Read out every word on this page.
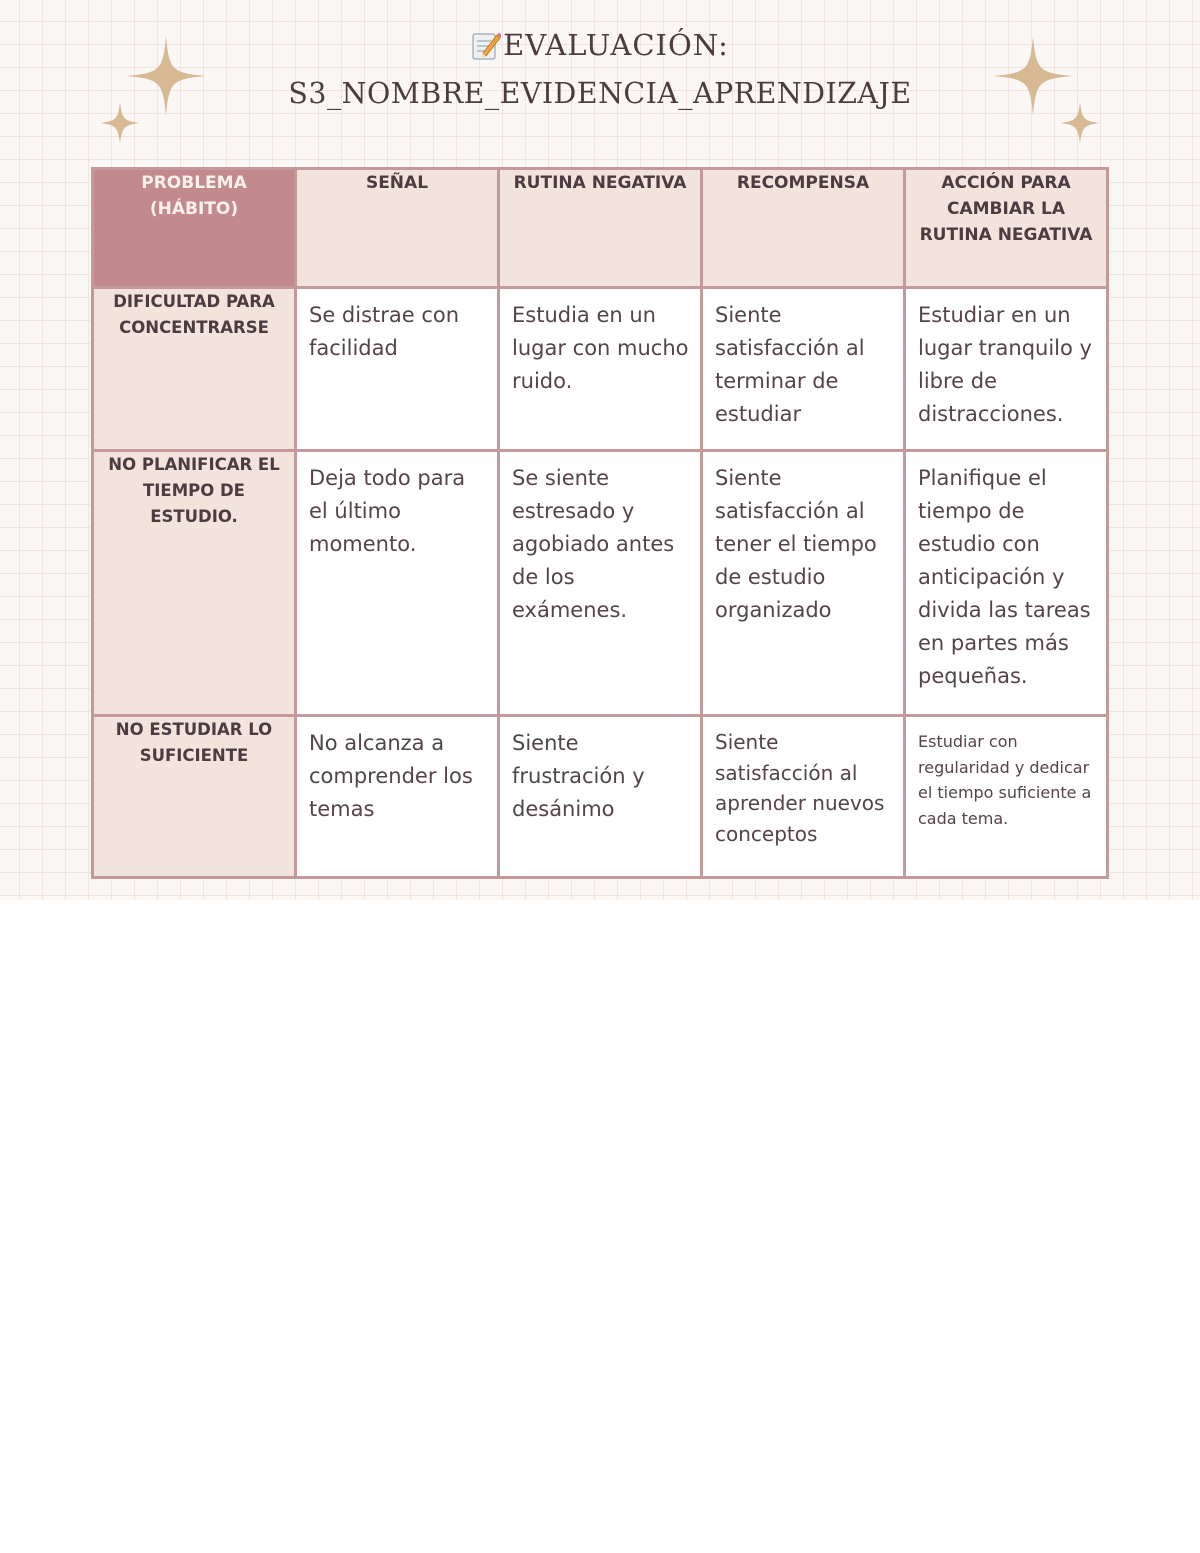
EVALUACIÓN:
S3_NOMBRE_EVIDENCIA_APRENDIZAJE
PROBLEMA (HÁBITO)	SEÑAL	RUTINA NEGATIVA	RECOMPENSA	ACCIÓN PARA CAMBIAR LA RUTINA NEGATIVA
DIFICULTAD PARA CONCENTRARSE	Se distrae con facilidad	Estudia en un lugar con mucho ruido.	Siente satisfacción al terminar de estudiar	Estudiar en un lugar tranquilo y libre de distracciones.
NO PLANIFICAR EL TIEMPO DE ESTUDIO.	Deja todo para el último momento.	Se siente estresado y agobiado antes de los exámenes.	Siente satisfacción al tener el tiempo de estudio organizado	Planifique el tiempo de estudio con anticipación y divida las tareas en partes más pequeñas.
NO ESTUDIAR LO SUFICIENTE	No alcanza a comprender los temas	Siente frustración y desánimo	Siente satisfacción al aprender nuevos conceptos	Estudiar con regularidad y dedicar el tiempo suficiente a cada tema.
